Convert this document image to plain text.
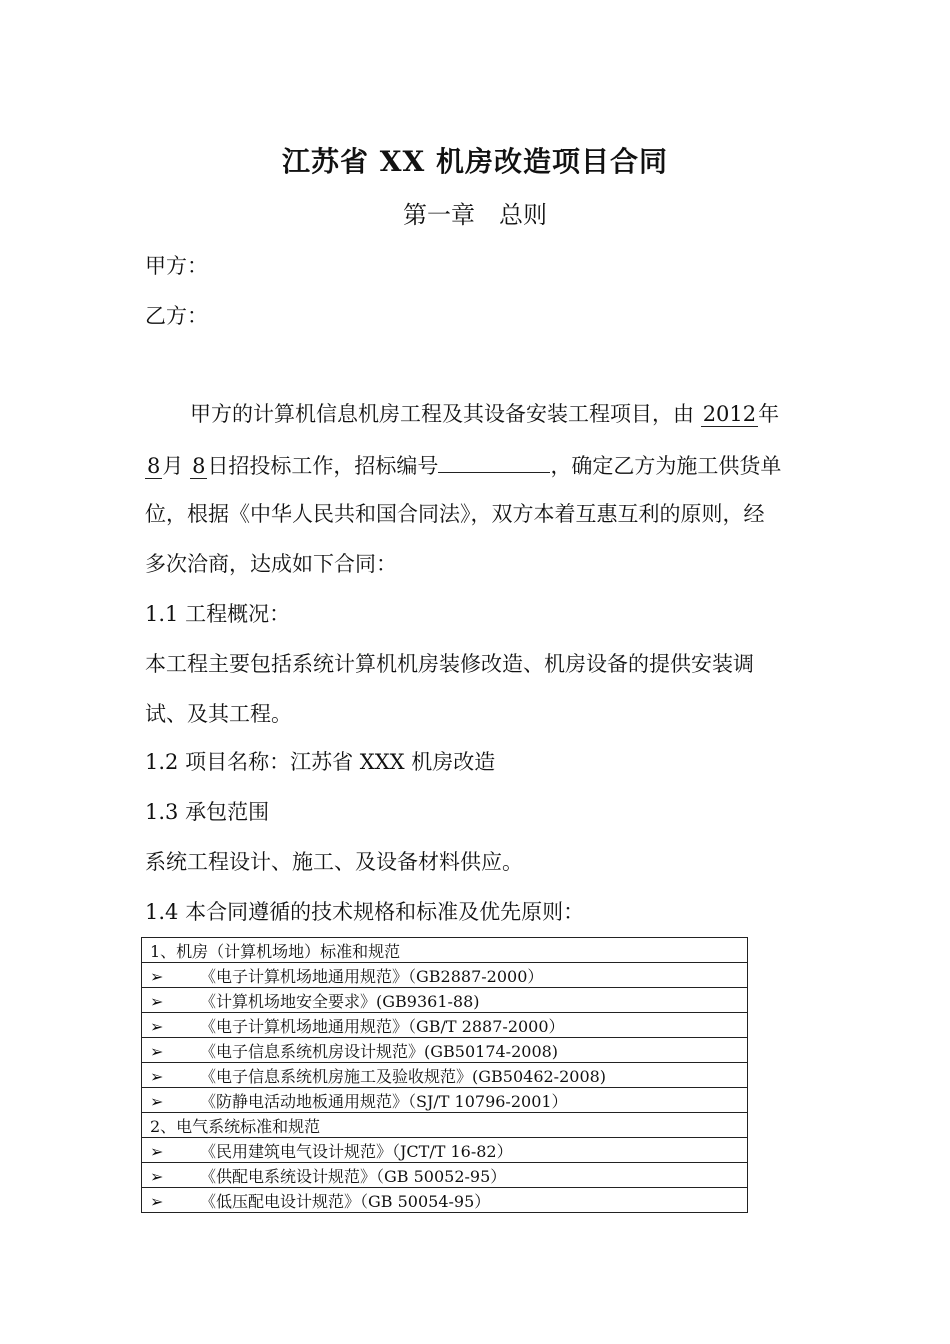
江苏省 XX 机房改造项目合同
第一章　总则
甲方：
乙方：
甲方的计算机信息机房工程及其设备安装工程项目，由 2012年
8月 8日招投标工作，招标编号	，确定乙方为施工供货单
位，根据《中华人民共和国合同法》，双方本着互惠互利的原则，经
多次洽商，达成如下合同：
1.1 工程概况：
本工程主要包括系统计算机机房装修改造、机房设备的提供安装调
试、及其工程。
1.2 项目名称：江苏省 XXX 机房改造
1.3 承包范围
系统工程设计、施工、及设备材料供应。
1.4 本合同遵循的技术规格和标准及优先原则：
1、机房（计算机场地）标准和规范
➢ 《电子计算机场地通用规范》（GB2887-2000）
➢ 《计算机场地安全要求》(GB9361-88)
➢ 《电子计算机场地通用规范》（GB/T 2887-2000）
➢ 《电子信息系统机房设计规范》(GB50174-2008)
➢ 《电子信息系统机房施工及验收规范》(GB50462-2008)
➢ 《防静电活动地板通用规范》（SJ/T 10796-2001）
2、电气系统标准和规范
➢ 《民用建筑电气设计规范》（JCT/T 16-82）
➢ 《供配电系统设计规范》（GB 50052-95）
➢ 《低压配电设计规范》（GB 50054-95）
